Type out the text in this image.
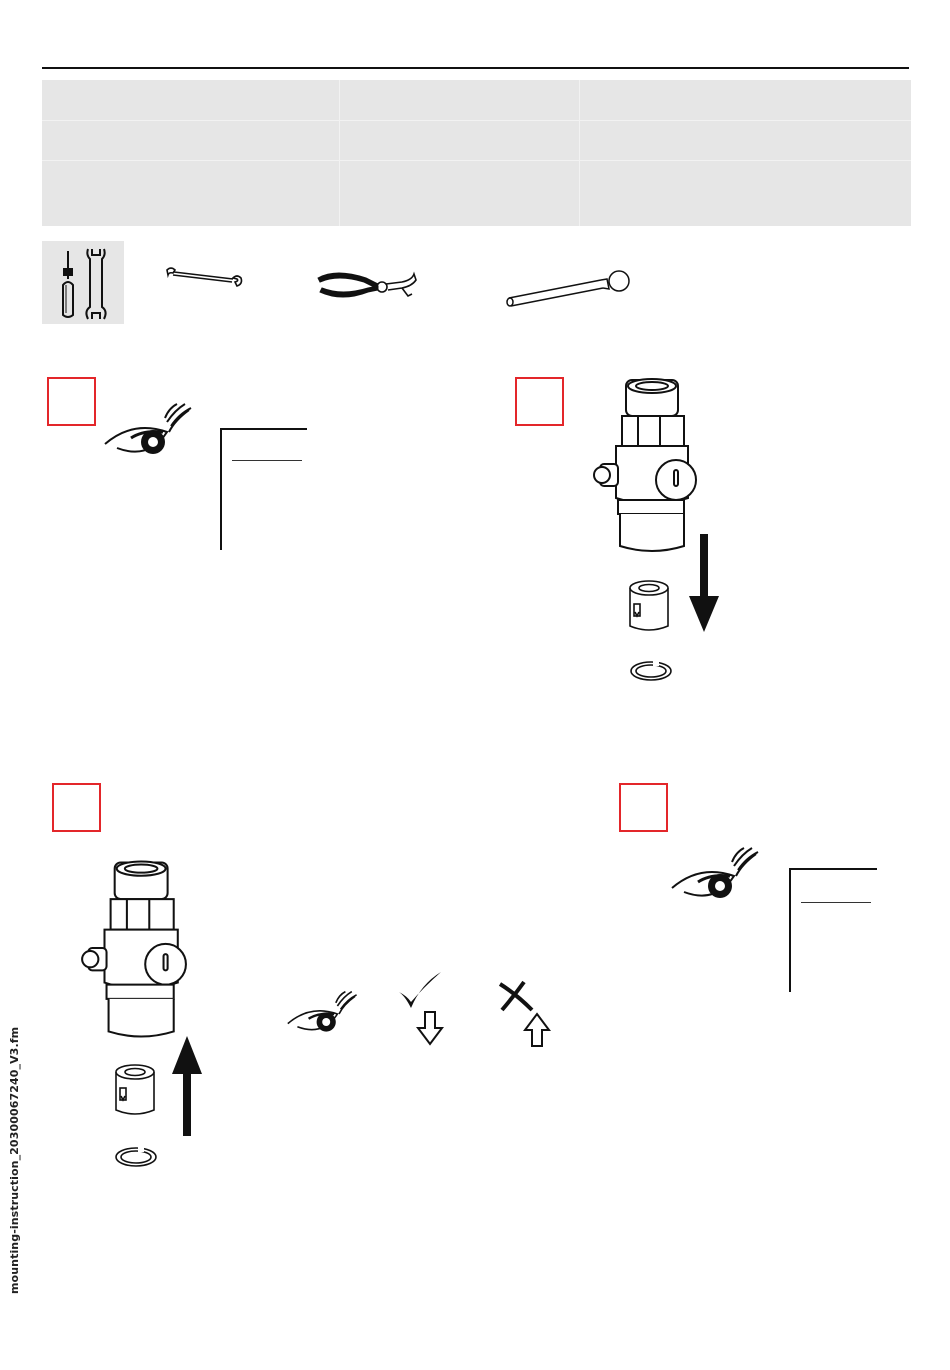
mounting-instruction_20300067240_V3.fm
